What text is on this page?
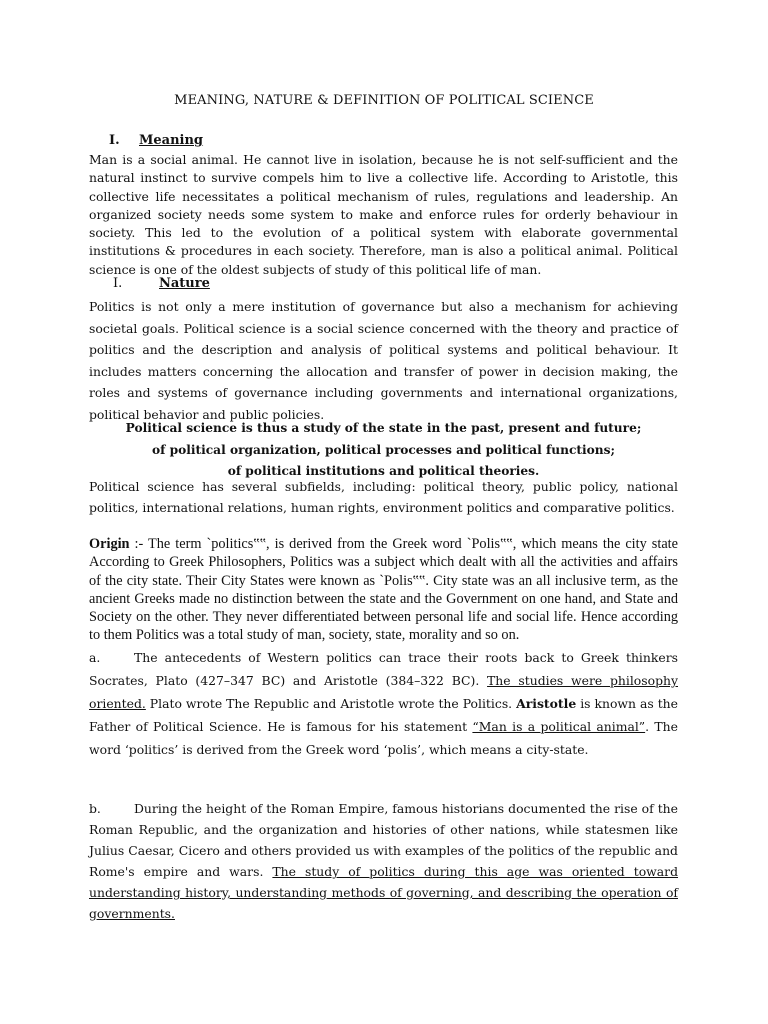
MEANING, NATURE & DEFINITION OF POLITICAL SCIENCE
I. Meaning
Man is a social animal. He cannot live in isolation, because he is not self-sufficient and the natural instinct to survive compels him to live a collective life. According to Aristotle, this collective life necessitates a political mechanism of rules, regulations and leadership. An organized society needs some system to make and enforce rules for orderly behaviour in society. This led to the evolution of a political system with elaborate governmental institutions & procedures in each society. Therefore, man is also a political animal. Political science is one of the oldest subjects of study of this political life of man.
I.	Nature
Politics is not only a mere institution of governance but also a mechanism for achieving societal goals. Political science is a social science concerned with the theory and practice of politics and the description and analysis of political systems and political behaviour. It includes matters concerning the allocation and transfer of power in decision making, the roles and systems of governance including governments and international organizations, political behavior and public policies.
Political science is thus a study of the state in the past, present and future;
of political organization, political processes and political functions;
of political institutions and political theories.
Political science has several subfields, including: political theory, public policy, national politics, international relations, human rights, environment politics and comparative politics.
Origin :- The term `politics‟‟, is derived from the Greek word `Polis‟‟, which means the city state According to Greek Philosophers, Politics was a subject which dealt with all the activities and affairs of the city state. Their City States were known as `Polis‟‟. City state was an all inclusive term, as the ancient Greeks made no distinction between the state and the Government on one hand, and State and Society on the other. They never differentiated between personal life and social life. Hence according to them Politics was a total study of man, society, state, morality and so on.
a.	The antecedents of Western politics can trace their roots back to Greek thinkers Socrates, Plato (427–347 BC) and Aristotle (384–322 BC). The studies were philosophy oriented. Plato wrote The Republic and Aristotle wrote the Politics. Aristotle is known as the Father of Political Science. He is famous for his statement “Man is a political animal”. The word ‘politics’ is derived from the Greek word ‘polis’, which means a city-state.
b.	During the height of the Roman Empire, famous historians documented the rise of the Roman Republic, and the organization and histories of other nations, while statesmen like Julius Caesar, Cicero and others provided us with examples of the politics of the republic and Rome's empire and wars. The study of politics during this age was oriented toward understanding history, understanding methods of governing, and describing the operation of governments.
